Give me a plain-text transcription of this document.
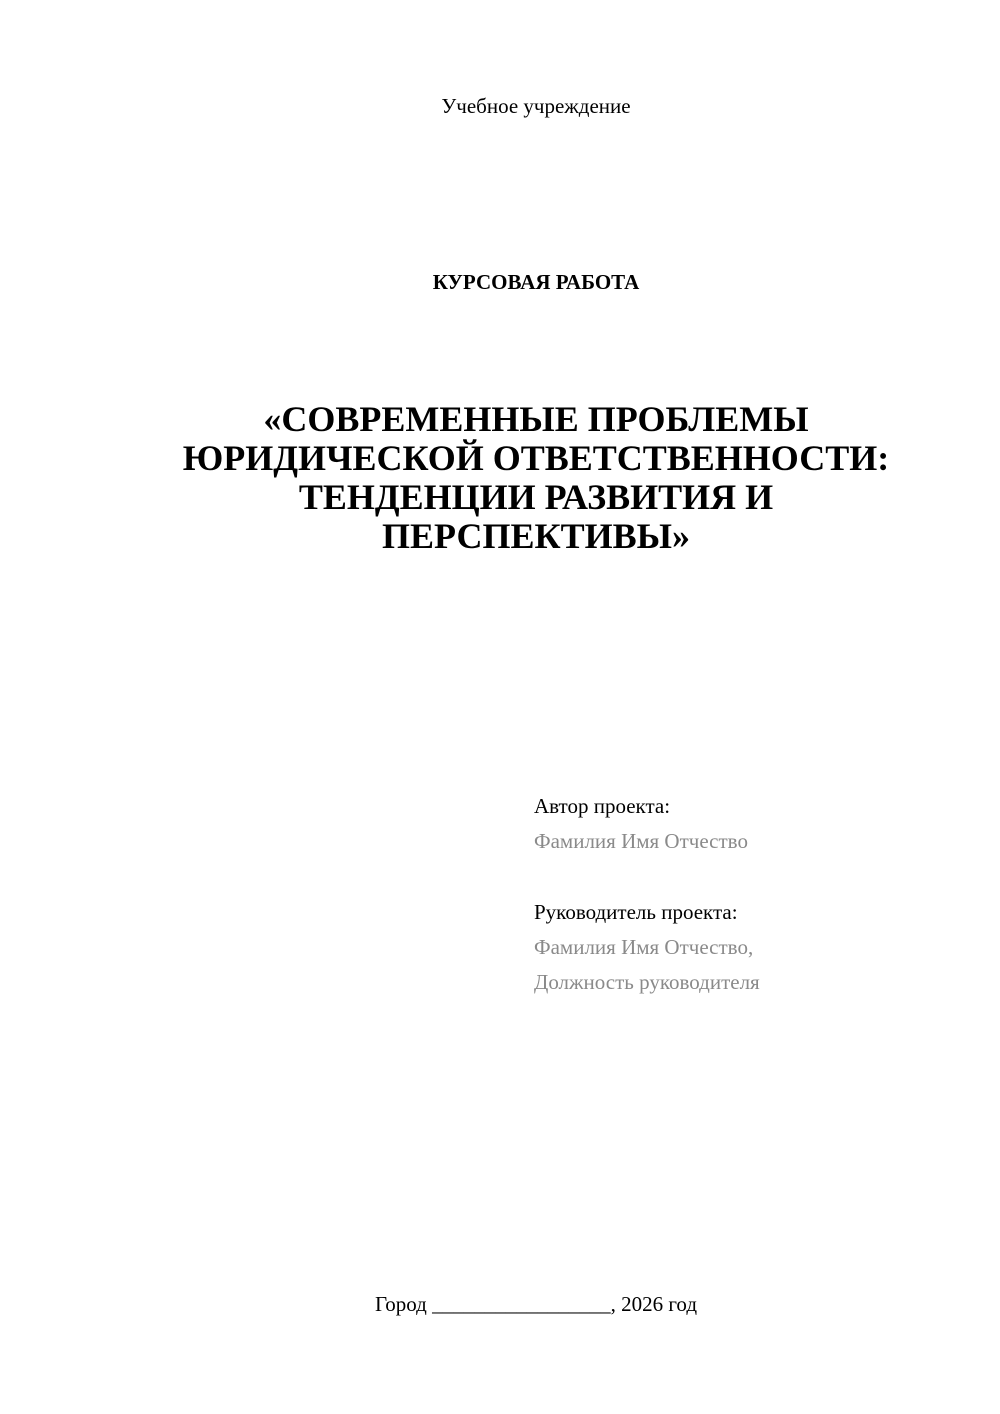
Учебное учреждение
КУРСОВАЯ РАБОТА
«СОВРЕМЕННЫЕ ПРОБЛЕМЫ
ЮРИДИЧЕСКОЙ ОТВЕТСТВЕННОСТИ:
ТЕНДЕНЦИИ РАЗВИТИЯ И
ПЕРСПЕКТИВЫ»
Автор проекта:
Фамилия Имя Отчество
Руководитель проекта:
Фамилия Имя Отчество,
Должность руководителя
Город _________________, 2026 год
